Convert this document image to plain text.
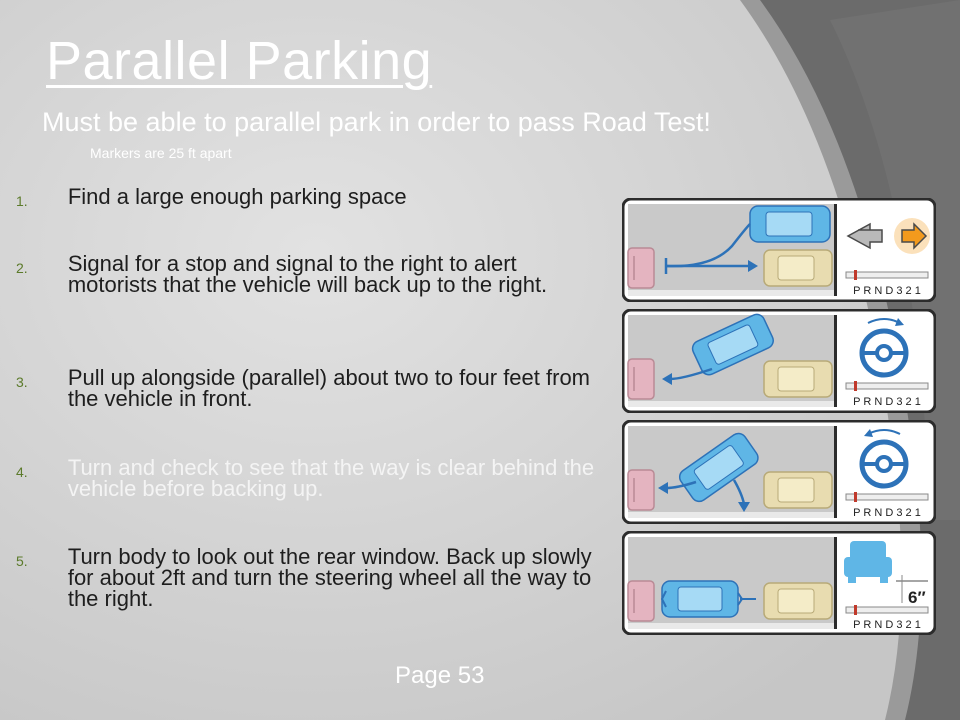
Parallel Parking
Must be able to parallel park in order to pass Road Test!
Markers are 25 ft apart
1.	Find a large enough parking space
2.	Signal for a stop and signal to the right to alert motorists that the vehicle will back up to the right.
3.	Pull up alongside (parallel) about two to four feet from the vehicle in front.
4.	Turn and check to see that the way is clear behind the vehicle before backing up.
5.	Turn body to look out the rear window. Back up slowly for about 2ft and turn the steering wheel all the way to the right.
P R N D 3 2 1
P R N D 3 2 1
P R N D 3 2 1
6″
P R N D 3 2 1
Page 53
